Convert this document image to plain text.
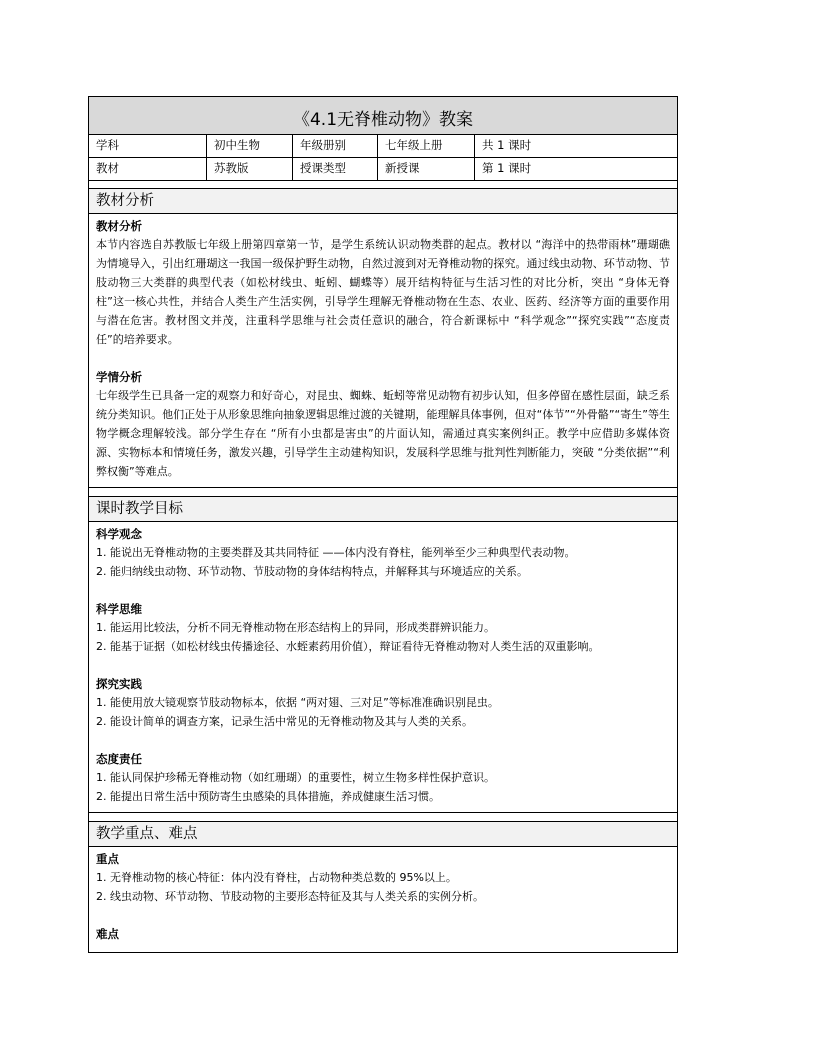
《4.1无脊椎动物》教案
学科	初中生物	年级册别	七年级上册	共 1 课时
教材	苏教版	授课类型	新授课	第 1 课时
教材分析
教材分析
本节内容选自苏教版七年级上册第四章第一节，是学生系统认识动物类群的起点。教材以 “海洋中的热带雨林”珊瑚礁为情境导入，引出红珊瑚这一我国一级保护野生动物，自然过渡到对无脊椎动物的探究。通过线虫动物、环节动物、节肢动物三大类群的典型代表（如松材线虫、蚯蚓、蝴蝶等）展开结构特征与生活习性的对比分析，突出 “身体无脊柱”这一核心共性，并结合人类生产生活实例，引导学生理解无脊椎动物在生态、农业、医药、经济等方面的重要作用与潜在危害。教材图文并茂，注重科学思维与社会责任意识的融合，符合新课标中 “科学观念”“探究实践”“态度责任”的培养要求。
学情分析
七年级学生已具备一定的观察力和好奇心，对昆虫、蜘蛛、蚯蚓等常见动物有初步认知，但多停留在感性层面，缺乏系统分类知识。他们正处于从形象思维向抽象逻辑思维过渡的关键期，能理解具体事例，但对“体节”“外骨骼”“寄生”等生物学概念理解较浅。部分学生存在 “所有小虫都是害虫”的片面认知，需通过真实案例纠正。教学中应借助多媒体资源、实物标本和情境任务，激发兴趣，引导学生主动建构知识，发展科学思维与批判性判断能力，突破 “分类依据”“利弊权衡”等难点。
课时教学目标
科学观念
1. 能说出无脊椎动物的主要类群及其共同特征 ——体内没有脊柱，能列举至少三种典型代表动物。
2. 能归纳线虫动物、环节动物、节肢动物的身体结构特点，并解释其与环境适应的关系。
科学思维
1. 能运用比较法，分析不同无脊椎动物在形态结构上的异同，形成类群辨识能力。
2. 能基于证据（如松材线虫传播途径、水蛭素药用价值），辩证看待无脊椎动物对人类生活的双重影响。
探究实践
1. 能使用放大镜观察节肢动物标本，依据 “两对翅、三对足”等标准准确识别昆虫。
2. 能设计简单的调查方案，记录生活中常见的无脊椎动物及其与人类的关系。
态度责任
1. 能认同保护珍稀无脊椎动物（如红珊瑚）的重要性，树立生物多样性保护意识。
2. 能提出日常生活中预防寄生虫感染的具体措施，养成健康生活习惯。
教学重点、难点
重点
1. 无脊椎动物的核心特征：体内没有脊柱，占动物种类总数的 95%以上。
2. 线虫动物、环节动物、节肢动物的主要形态特征及其与人类关系的实例分析。
难点
